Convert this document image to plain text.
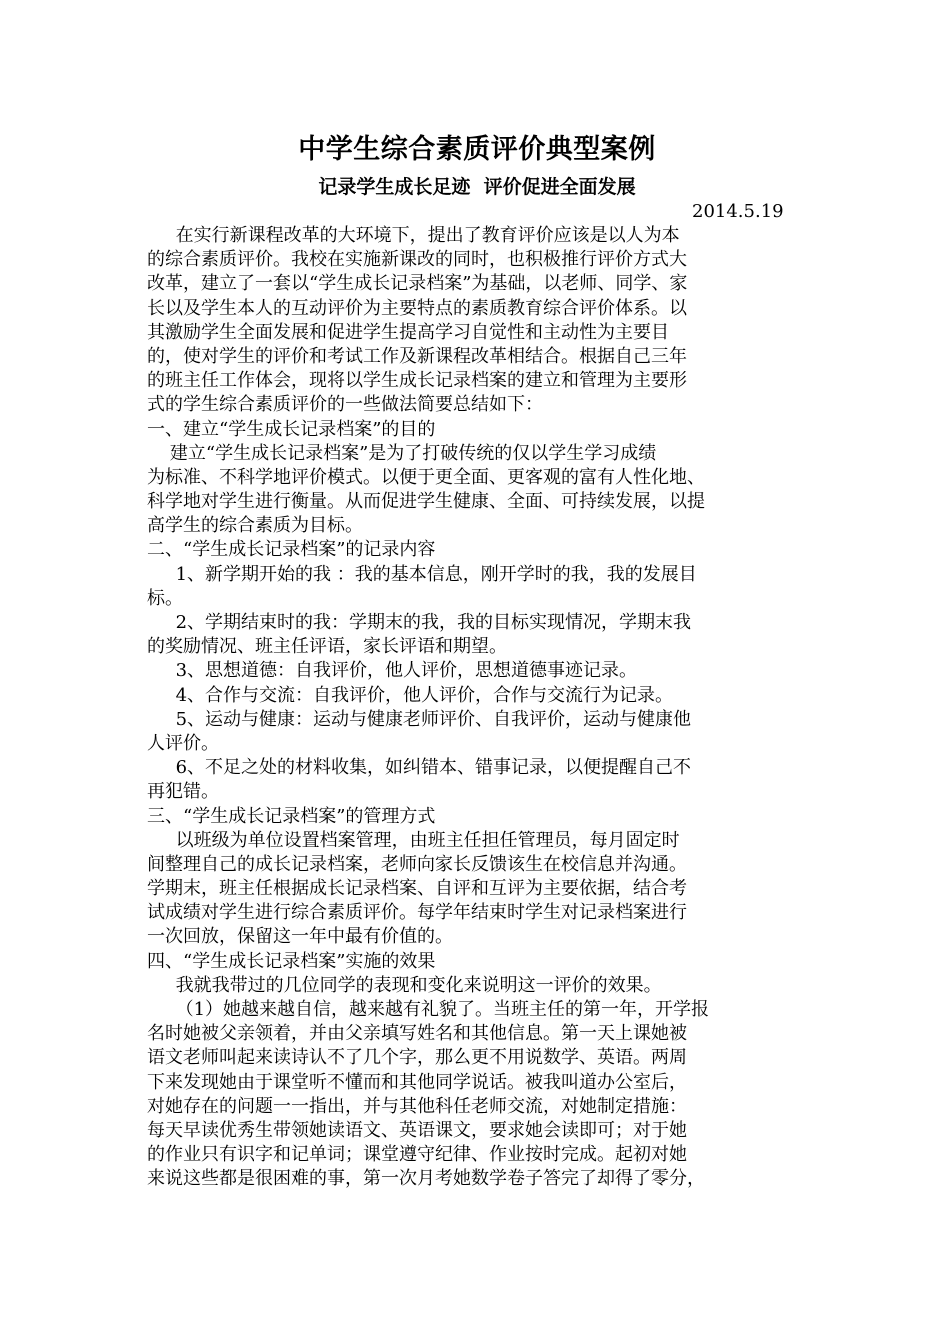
中学生综合素质评价典型案例
记录学生成长足迹  评价促进全面发展
2014.5.19
在实行新课程改革的大环境下，提出了教育评价应该是以人为本
的综合素质评价。我校在实施新课改的同时，也积极推行评价方式大
改革，建立了一套以“学生成长记录档案”为基础，以老师、同学、家
长以及学生本人的互动评价为主要特点的素质教育综合评价体系。以
其激励学生全面发展和促进学生提高学习自觉性和主动性为主要目
的，使对学生的评价和考试工作及新课程改革相结合。根据自己三年
的班主任工作体会，现将以学生成长记录档案的建立和管理为主要形
式的学生综合素质评价的一些做法简要总结如下：
一、建立“学生成长记录档案”的目的
建立“学生成长记录档案”是为了打破传统的仅以学生学习成绩
为标准、不科学地评价模式。以便于更全面、更客观的富有人性化地、
科学地对学生进行衡量。从而促进学生健康、全面、可持续发展，以提
高学生的综合素质为目标。
二、“学生成长记录档案”的记录内容
1、新学期开始的我 ：我的基本信息，刚开学时的我，我的发展目
标。
2、学期结束时的我：学期末的我，我的目标实现情况，学期末我
的奖励情况、班主任评语，家长评语和期望。
3、思想道德：自我评价，他人评价，思想道德事迹记录。
4、合作与交流：自我评价，他人评价，合作与交流行为记录。
5、运动与健康：运动与健康老师评价、自我评价，运动与健康他
人评价。
6、不足之处的材料收集，如纠错本、错事记录，以便提醒自己不
再犯错。
三、“学生成长记录档案”的管理方式
以班级为单位设置档案管理，由班主任担任管理员，每月固定时
间整理自己的成长记录档案，老师向家长反馈该生在校信息并沟通。
学期末，班主任根据成长记录档案、自评和互评为主要依据，结合考
试成绩对学生进行综合素质评价。每学年结束时学生对记录档案进行
一次回放，保留这一年中最有价值的。
四、“学生成长记录档案”实施的效果
我就我带过的几位同学的表现和变化来说明这一评价的效果。
（1）她越来越自信，越来越有礼貌了。当班主任的第一年，开学报
名时她被父亲领着，并由父亲填写姓名和其他信息。第一天上课她被
语文老师叫起来读诗认不了几个字，那么更不用说数学、英语。两周
下来发现她由于课堂听不懂而和其他同学说话。被我叫道办公室后，
对她存在的问题一一指出，并与其他科任老师交流，对她制定措施：
每天早读优秀生带领她读语文、英语课文，要求她会读即可；对于她
的作业只有识字和记单词；课堂遵守纪律、作业按时完成。起初对她
来说这些都是很困难的事，第一次月考她数学卷子答完了却得了零分，
